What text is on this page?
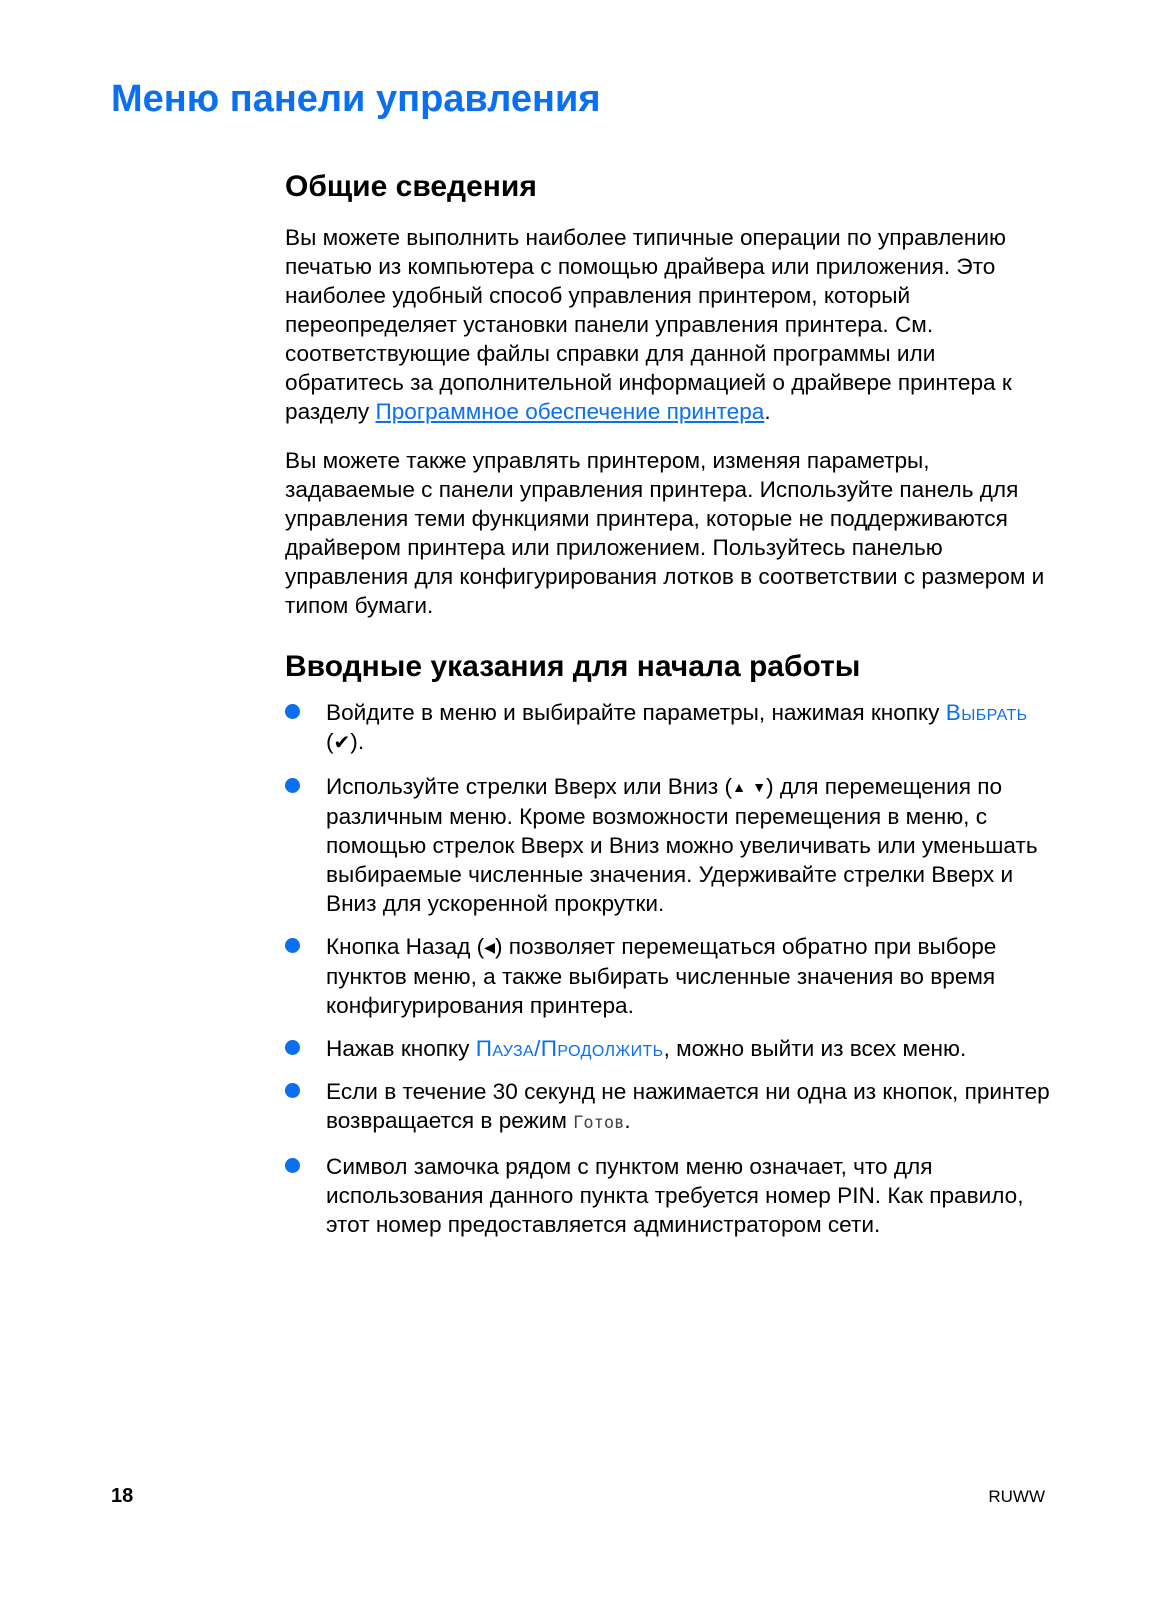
Меню панели управления
Общие сведения

Вы можете выполнить наиболее типичные операции по управлению печатью из компьютера с помощью драйвера или приложения. Это наиболее удобный способ управления принтером, который переопределяет установки панели управления принтера. См. соответствующие файлы справки для данной программы или обратитесь за дополнительной информацией о драйвере принтера к разделу Программное обеспечение принтера.

Вы можете также управлять принтером, изменяя параметры, задаваемые с панели управления принтера. Используйте панель для управления теми функциями принтера, которые не поддерживаются драйвером принтера или приложением. Пользуйтесь панелью управления для конфигурирования лотков в соответствии с размером и типом бумаги.

Вводные указания для начала работы
Войдите в меню и выбирайте параметры, нажимая кнопку Выбрать (✔).
Используйте стрелки Вверх или Вниз (▲ ▼) для перемещения по различным меню. Кроме возможности перемещения в меню, с помощью стрелок Вверх и Вниз можно увеличивать или уменьшать выбираемые численные значения. Удерживайте стрелки Вверх и Вниз для ускоренной прокрутки.
Кнопка Назад (◀) позволяет перемещаться обратно при выборе пунктов меню, а также выбирать численные значения во время конфигурирования принтера.
Нажав кнопку Пауза/Продолжить, можно выйти из всех меню.
Если в течение 30 секунд не нажимается ни одна из кнопок, принтер возвращается в режим Готов.
Символ замочка рядом с пунктом меню означает, что для использования данного пункта требуется номер PIN. Как правило, этот номер предоставляется администратором сети.
18	RUWW
